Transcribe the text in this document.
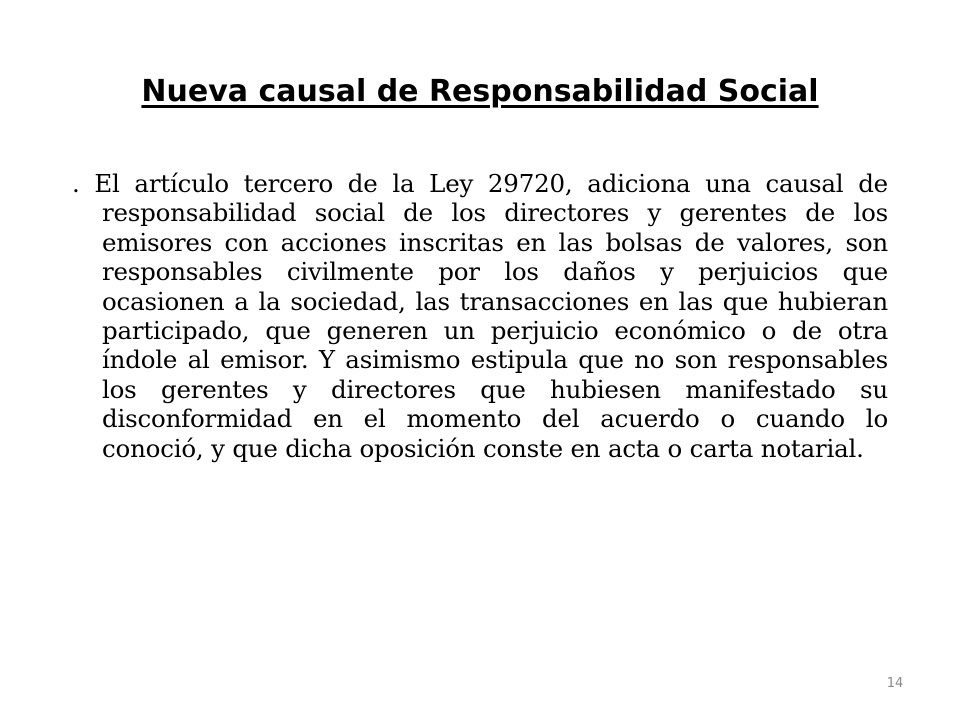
Nueva causal de Responsabilidad Social

. El artículo tercero de la Ley 29720, adiciona una causal de responsabilidad social de los directores y gerentes de los emisores con acciones inscritas en las bolsas de valores, son responsables civilmente por los daños y perjuicios que ocasionen a la sociedad, las transacciones en las que hubieran participado, que generen un perjuicio económico o de otra índole al emisor. Y asimismo estipula que no son responsables los gerentes y directores que hubiesen manifestado su disconformidad en el momento del acuerdo o cuando lo conoció, y que dicha oposición conste en acta o carta notarial.

14
